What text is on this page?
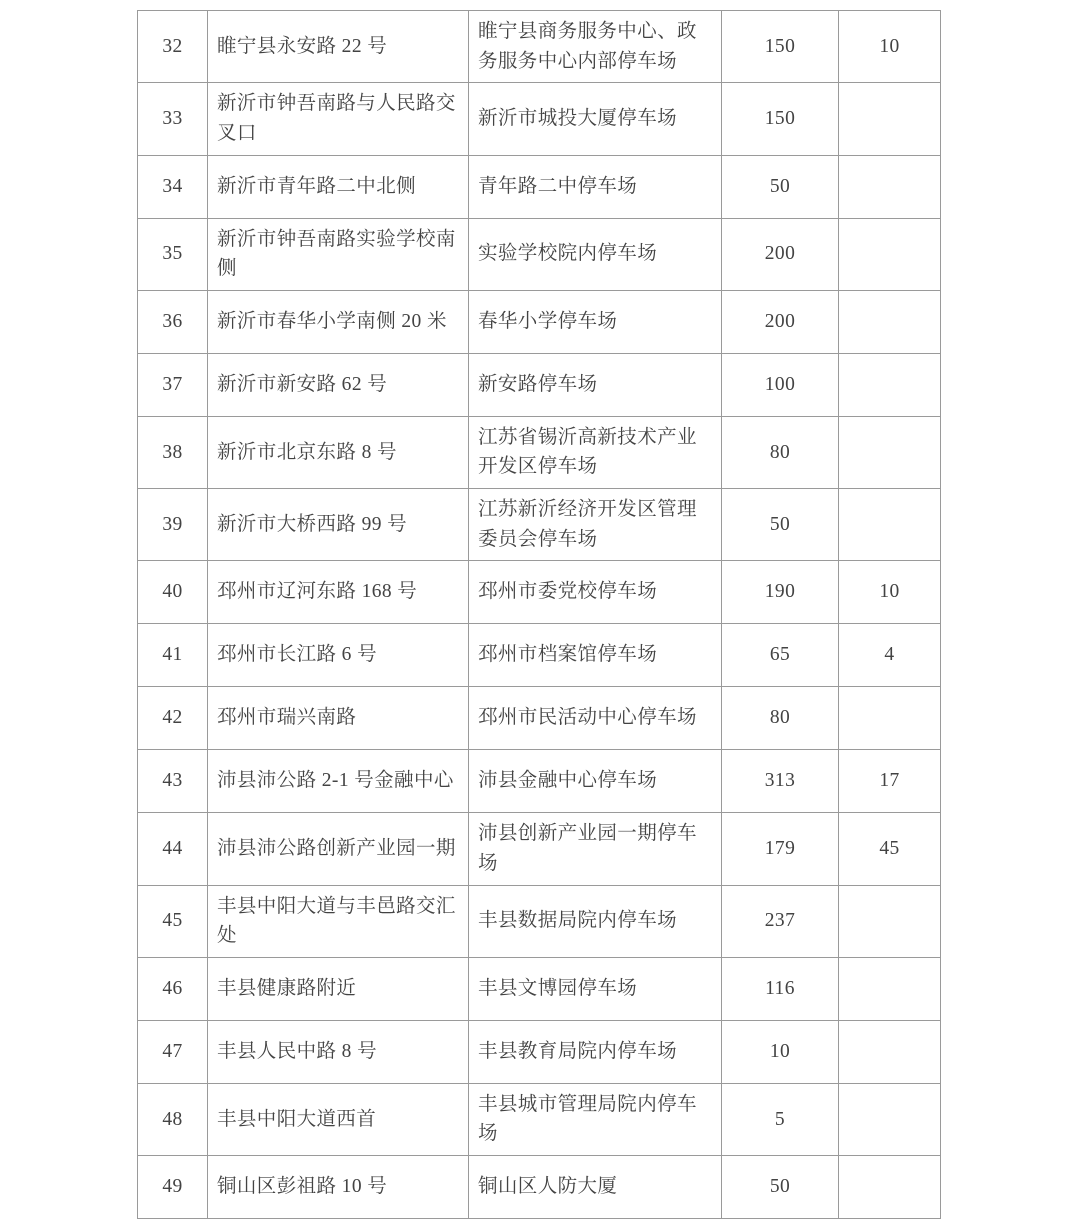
32	睢宁县永安路 22 号	睢宁县商务服务中心、政务服务中心内部停车场	150	10
33	新沂市钟吾南路与人民路交叉口	新沂市城投大厦停车场	150	
34	新沂市青年路二中北侧	青年路二中停车场	50	
35	新沂市钟吾南路实验学校南侧	实验学校院内停车场	200	
36	新沂市春华小学南侧 20 米	春华小学停车场	200	
37	新沂市新安路 62 号	新安路停车场	100	
38	新沂市北京东路 8 号	江苏省锡沂高新技术产业开发区停车场	80	
39	新沂市大桥西路 99 号	江苏新沂经济开发区管理委员会停车场	50	
40	邳州市辽河东路 168 号	邳州市委党校停车场	190	10
41	邳州市长江路 6 号	邳州市档案馆停车场	65	4
42	邳州市瑞兴南路	邳州市民活动中心停车场	80	
43	沛县沛公路 2-1 号金融中心	沛县金融中心停车场	313	17
44	沛县沛公路创新产业园一期	沛县创新产业园一期停车场	179	45
45	丰县中阳大道与丰邑路交汇处	丰县数据局院内停车场	237	
46	丰县健康路附近	丰县文博园停车场	116	
47	丰县人民中路 8 号	丰县教育局院内停车场	10	
48	丰县中阳大道西首	丰县城市管理局院内停车场	5	
49	铜山区彭祖路 10 号	铜山区人防大厦	50	
